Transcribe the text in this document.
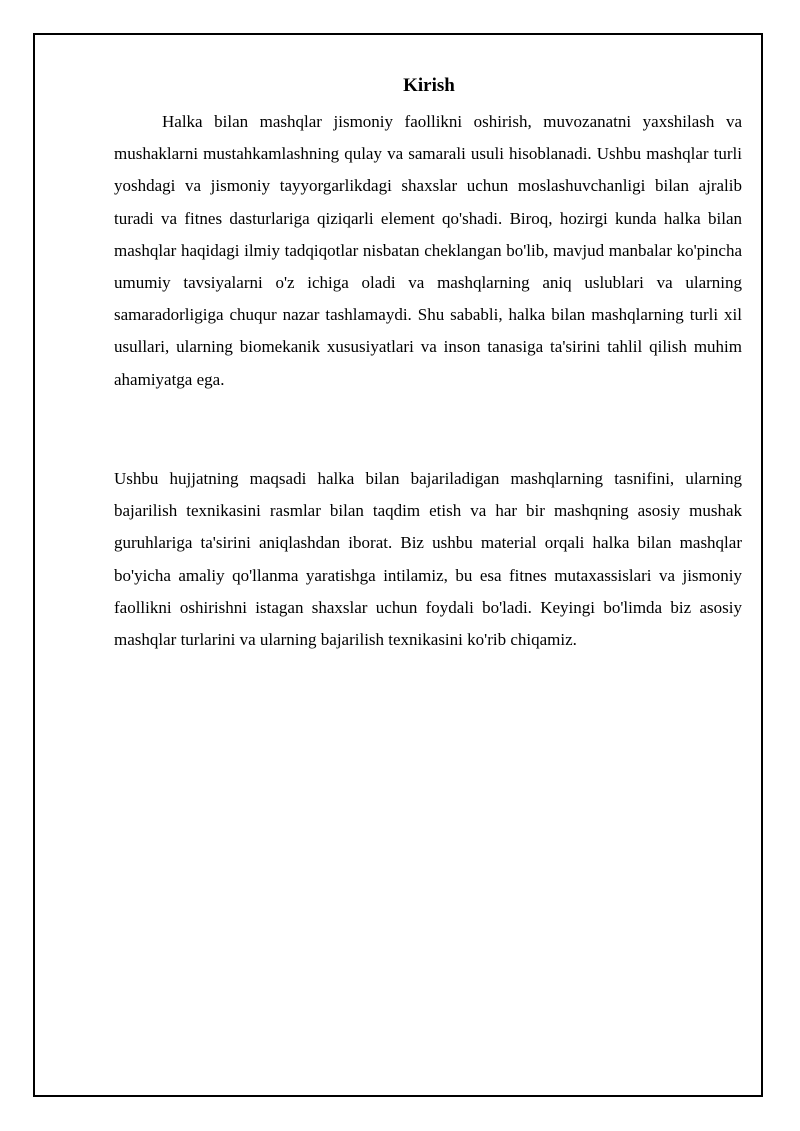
Kirish

Halka bilan mashqlar jismoniy faollikni oshirish, muvozanatni yaxshilash va mushaklarni mustahkamlashning qulay va samarali usuli hisoblanadi. Ushbu mashqlar turli yoshdagi va jismoniy tayyorgarlikdagi shaxslar uchun moslashuvchanligi bilan ajralib turadi va fitnes dasturlariga qiziqarli element qo'shadi. Biroq, hozirgi kunda halka bilan mashqlar haqidagi ilmiy tadqiqotlar nisbatan cheklangan bo'lib, mavjud manbalar ko'pincha umumiy tavsiyalarni o'z ichiga oladi va mashqlarning aniq uslublari va ularning samaradorligiga chuqur nazar tashlamaydi. Shu sababli, halka bilan mashqlarning turli xil usullari, ularning biomekanik xususiyatlari va inson tanasiga ta'sirini tahlil qilish muhim ahamiyatga ega.

Ushbu hujjatning maqsadi halka bilan bajariladigan mashqlarning tasnifini, ularning bajarilish texnikasini rasmlar bilan taqdim etish va har bir mashqning asosiy mushak guruhlariga ta'sirini aniqlashdan iborat. Biz ushbu material orqali halka bilan mashqlar bo'yicha amaliy qo'llanma yaratishga intilamiz, bu esa fitnes mutaxassislari va jismoniy faollikni oshirishni istagan shaxslar uchun foydali bo'ladi. Keyingi bo'limda biz asosiy mashqlar turlarini va ularning bajarilish texnikasini ko'rib chiqamiz.
